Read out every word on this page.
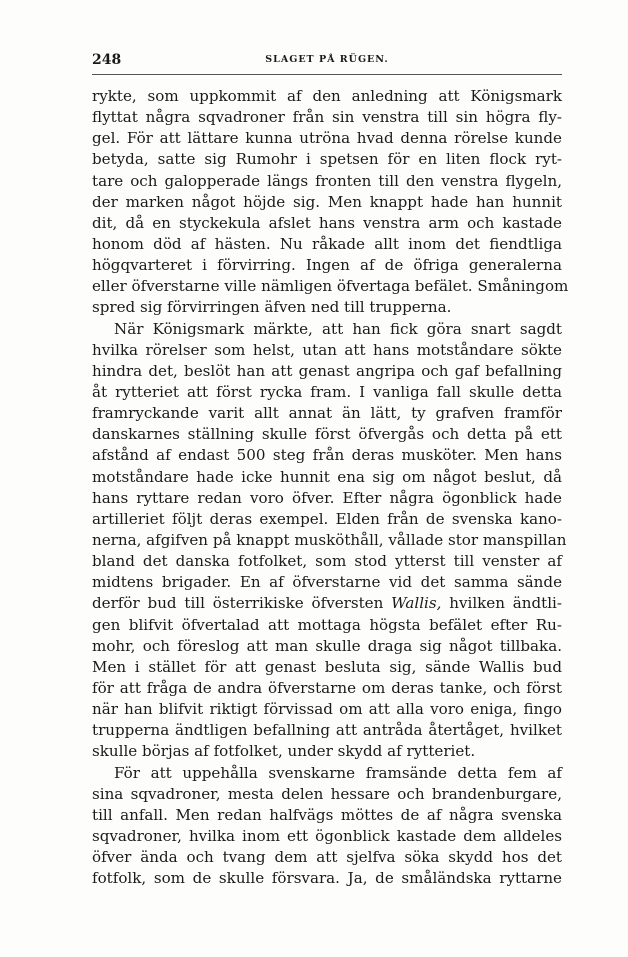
248	SLAGET PÅ RÜGEN.
rykte, som uppkommit af den anledning att Königsmark
flyttat några sqvadroner från sin venstra till sin högra fly-
gel. För att lättare kunna utröna hvad denna rörelse kunde
betyda, satte sig Rumohr i spetsen för en liten flock ryt-
tare och galopperade längs fronten till den venstra flygeln,
der marken något höjde sig. Men knappt hade han hunnit
dit, då en styckekula afslet hans venstra arm och kastade
honom död af hästen. Nu råkade allt inom det fiendtliga
högqvarteret i förvirring. Ingen af de öfriga generalerna
eller öfverstarne ville nämligen öfvertaga befälet. Småningom
spred sig förvirringen äfven ned till trupperna.
När Königsmark märkte, att han fick göra snart sagdt
hvilka rörelser som helst, utan att hans motståndare sökte
hindra det, beslöt han att genast angripa och gaf befallning
åt rytteriet att först rycka fram. I vanliga fall skulle detta
framryckande varit allt annat än lätt, ty grafven framför
danskarnes ställning skulle först öfvergås och detta på ett
afstånd af endast 500 steg från deras musköter. Men hans
motståndare hade icke hunnit ena sig om något beslut, då
hans ryttare redan voro öfver. Efter några ögonblick hade
artilleriet följt deras exempel. Elden från de svenska kano-
nerna, afgifven på knappt musköthåll, vållade stor manspillan
bland det danska fotfolket, som stod ytterst till venster af
midtens brigader. En af öfverstarne vid det samma sände
derför bud till österrikiske öfversten Wallis, hvilken ändtli-
gen blifvit öfvertalad att mottaga högsta befälet efter Ru-
mohr, och föreslog att man skulle draga sig något tillbaka.
Men i stället för att genast besluta sig, sände Wallis bud
för att fråga de andra öfverstarne om deras tanke, och först
när han blifvit riktigt förvissad om att alla voro eniga, fingo
trupperna ändtligen befallning att antråda återtåget, hvilket
skulle börjas af fotfolket, under skydd af rytteriet.
För att uppehålla svenskarne framsände detta fem af
sina sqvadroner, mesta delen hessare och brandenburgare,
till anfall. Men redan halfvägs möttes de af några svenska
sqvadroner, hvilka inom ett ögonblick kastade dem alldeles
öfver ända och tvang dem att sjelfva söka skydd hos det
fotfolk, som de skulle försvara. Ja, de småländska ryttarne
